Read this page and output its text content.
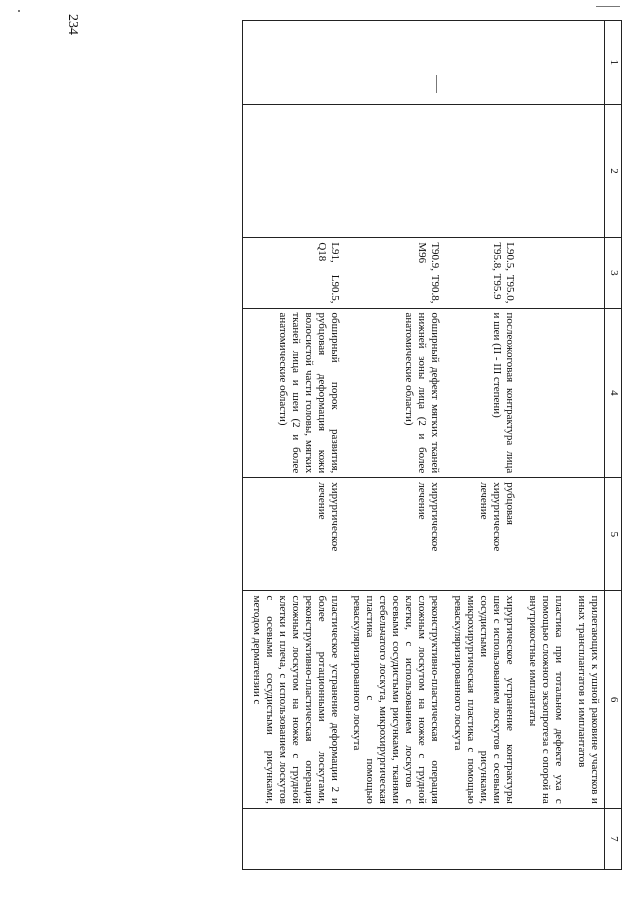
1	2	3	4	5	6	7

					прилегающих к ушной раковине участков и иных трансплантатов и имплантатов	

					пластика при тотальном дефекте уха с помощью сложного экзопротеза с опорой на внутрикостные имплантаты	

		L90.5, T95.0, T95.8, T95.9	послеожоговая контрактура лица и шеи (II - III степени)	рубцовая хирургическое лечение	хирургическое устранение контрактуры шеи с использованием лоскутов с осевыми сосудистыми рисунками, микрохирургическая пластика с помощью реваскуляризированного лоскута	

		T90.9, T90.8, M96	обширный дефект мягких тканей нижней зоны лица (2 и более анатомические области)	хирургическое лечение	реконструктивно-пластическая операция сложным лоскутом на ножке с грудной клетки, с использованием лоскутов с осевыми сосудистыми рисунками, тканями стебельчатого лоскута, микрохирургическая пластика с помощью реваскуляризированного лоскута	

		L91, L90.5, Q18	обширный порок развития, рубцовая деформация кожи волосистой части головы, мягких тканей лица и шеи (2 и более анатомические области)	хирургическое лечение	пластическое устранение деформации 2 и более ротационными лоскутами, реконструктивно-пластическая операция сложным лоскутом на ножке с грудной клетки и плеча, с использованием лоскутов с осевыми сосудистыми рисунками, методом дерматензии с	

234
